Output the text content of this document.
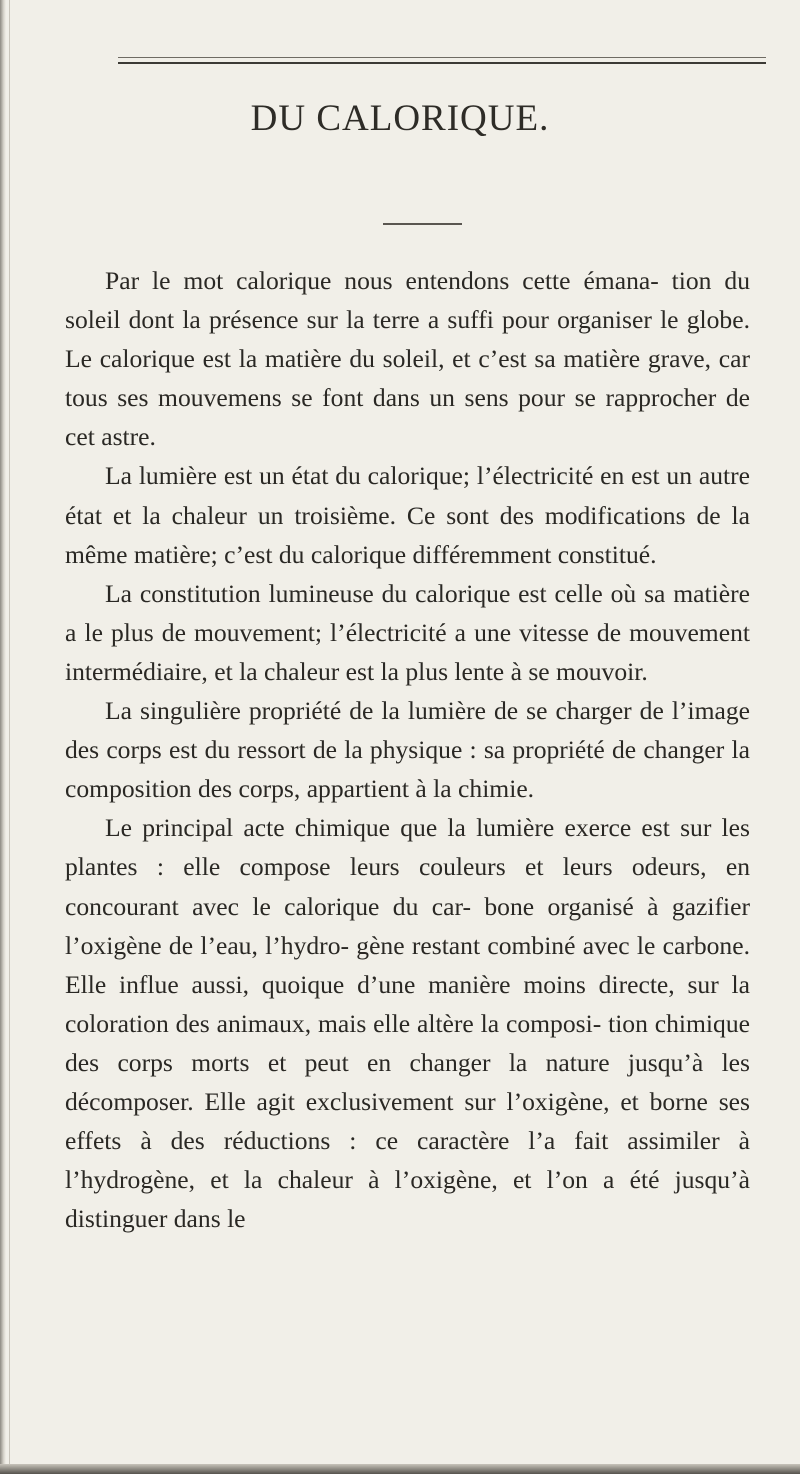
DU CALORIQUE.

Par le mot calorique nous entendons cette émana- tion du soleil dont la présence sur la terre a suffi pour organiser le globe. Le calorique est la matière du soleil, et c’est sa matière grave, car tous ses mouvemens se font dans un sens pour se rapprocher de cet astre.

La lumière est un état du calorique; l’électricité en est un autre état et la chaleur un troisième. Ce sont des modifications de la même matière; c’est du calorique différemment constitué.

La constitution lumineuse du calorique est celle où sa matière a le plus de mouvement; l’électricité a une vitesse de mouvement intermédiaire, et la chaleur est la plus lente à se mouvoir.

La singulière propriété de la lumière de se charger de l’image des corps est du ressort de la physique : sa propriété de changer la composition des corps, appartient à la chimie.

Le principal acte chimique que la lumière exerce est sur les plantes : elle compose leurs couleurs et leurs odeurs, en concourant avec le calorique du car- bone organisé à gazifier l’oxigène de l’eau, l’hydro- gène restant combiné avec le carbone. Elle influe aussi, quoique d’une manière moins directe, sur la coloration des animaux, mais elle altère la composi- tion chimique des corps morts et peut en changer la nature jusqu’à les décomposer. Elle agit exclusivement sur l’oxigène, et borne ses effets à des réductions : ce caractère l’a fait assimiler à l’hydrogène, et la chaleur à l’oxigène, et l’on a été jusqu’à distinguer dans le
